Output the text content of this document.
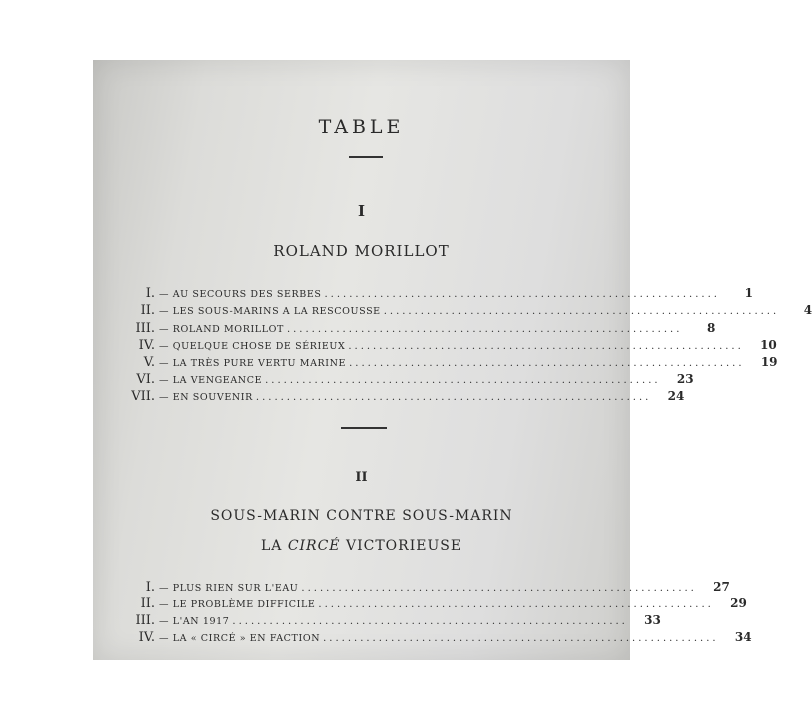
TABLE
I
ROLAND MORILLOT
I. — AU SECOURS DES SERBES ................................................................	1
II. — LES SOUS-MARINS A LA RESCOUSSE ................................................................	4
III. — ROLAND MORILLOT ................................................................	8
IV. — QUELQUE CHOSE DE SÉRIEUX ................................................................	10
V. — LA TRÈS PURE VERTU MARINE ................................................................	19
VI. — LA VENGEANCE ................................................................	23
VII. — EN SOUVENIR ................................................................	24
II
SOUS-MARIN CONTRE SOUS-MARIN
LA CIRCÉ VICTORIEUSE
I. — PLUS RIEN SUR L'EAU ................................................................	27
II. — LE PROBLÈME DIFFICILE ................................................................	29
III. — L'AN 1917 ................................................................	33
IV. — LA « CIRCÉ » EN FACTION ................................................................	34
